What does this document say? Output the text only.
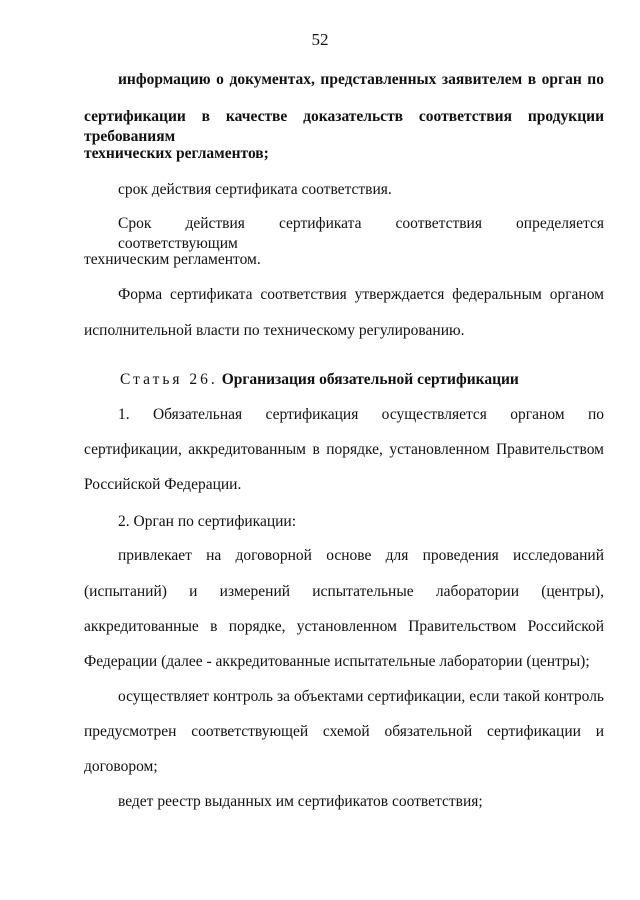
52
информацию о документах, представленных заявителем в орган по
сертификации в качестве доказательств соответствия продукции требованиям
технических регламентов;
срок действия сертификата соответствия.
Срок действия сертификата соответствия определяется соответствующим
техническим регламентом.
Форма сертификата соответствия утверждается федеральным органом
исполнительной власти по техническому регулированию.
Статья 26. Организация обязательной сертификации
1. Обязательная сертификация осуществляется органом по
сертификации, аккредитованным в порядке, установленном Правительством
Российской Федерации.
2. Орган по сертификации:
привлекает на договорной основе для проведения исследований
(испытаний) и измерений испытательные лаборатории (центры),
аккредитованные в порядке, установленном Правительством Российской
Федерации (далее - аккредитованные испытательные лаборатории (центры);
осуществляет контроль за объектами сертификации, если такой контроль
предусмотрен соответствующей схемой обязательной сертификации и
договором;
ведет реестр выданных им сертификатов соответствия;
